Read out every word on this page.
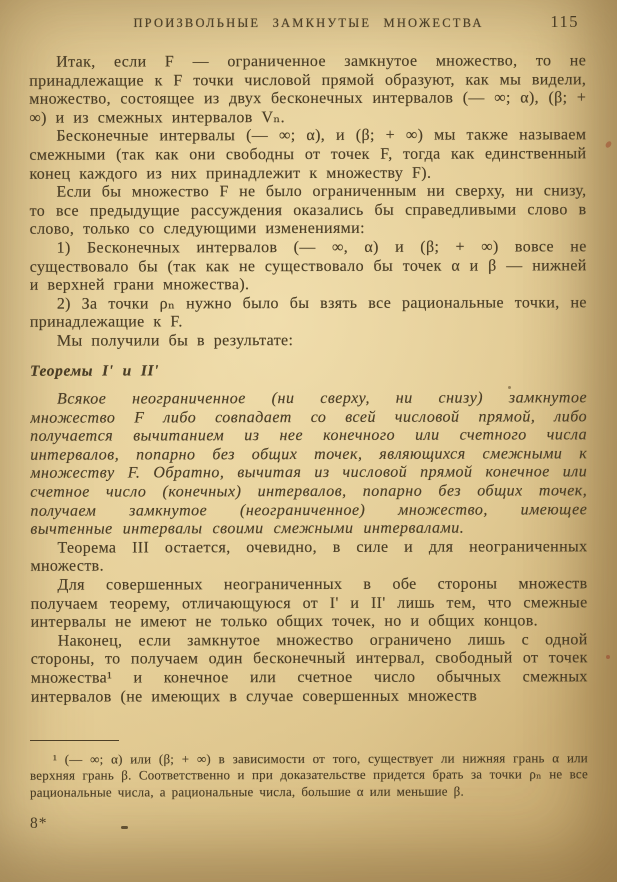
ПРОИЗВОЛЬНЫЕ ЗАМКНУТЫЕ МНОЖЕСТВА	115

Итак, если F — ограниченное замкнутое множество, то не принадлежащие к F точки числовой прямой образуют, как мы видели, множество, состоящее из двух бесконечных интервалов (— ∞; α), (β; + ∞) и из смежных интервалов Vₙ.

Бесконечные интервалы (— ∞; α), и (β; + ∞) мы также называем смежными (так как они свободны от точек F, тогда как единственный конец каждого из них принадлежит к множеству F).

Если бы множество F не было ограниченным ни сверху, ни снизу, то все предыдущие рассуждения оказались бы справедливыми слово в слово, только со следующими изменениями:

1) Бесконечных интервалов (— ∞, α) и (β; + ∞) вовсе не существовало бы (так как не существовало бы точек α и β — нижней и верхней грани множества).

2) За точки ρₙ нужно было бы взять все рациональные точки, не принадлежащие к F.

Мы получили бы в результате:

Теоремы I' и II'

Всякое неограниченное (ни сверху, ни снизу) замкнутое множество F либо совпадает со всей числовой прямой, либо получается вычитанием из нее конечного или счетного числа интервалов, попарно без общих точек, являющихся смежными к множеству F. Обратно, вычитая из числовой прямой конечное или счетное число (конечных) интервалов, попарно без общих точек, получаем замкнутое (неограниченное) множество, имеющее вычтенные интервалы своими смежными интервалами.

Теорема III остается, очевидно, в силе и для неограниченных множеств.

Для совершенных неограниченных в обе стороны множеств получаем теорему, отличающуюся от I' и II' лишь тем, что смежные интервалы не имеют не только общих точек, но и общих концов.

Наконец, если замкнутое множество ограничено лишь с одной стороны, то получаем один бесконечный интервал, свободный от точек множества¹ и конечное или счетное число обычных смежных интервалов (не имеющих в случае совершенных множеств

¹ (— ∞; α) или (β; + ∞) в зависимости от того, существует ли нижняя грань α или верхняя грань β. Соответственно и при доказательстве придется брать за точки ρₙ не все рациональные числа, а рациональные числа, большие α или меньшие β.

8*
